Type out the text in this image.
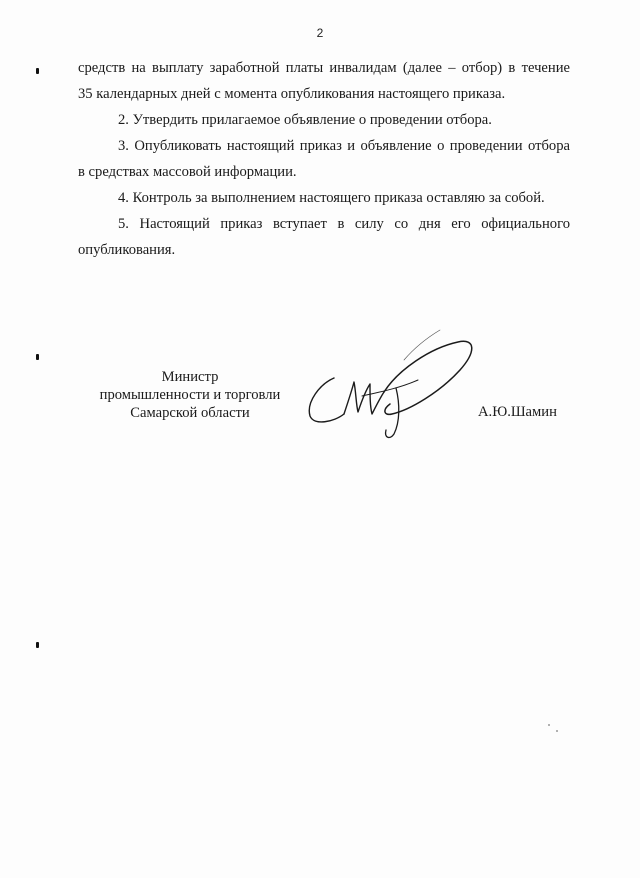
2

средств на выплату заработной платы инвалидам (далее – отбор) в течение
35 календарных дней с момента опубликования настоящего приказа.

2. Утвердить прилагаемое объявление о проведении отбора.

3. Опубликовать настоящий приказ и объявление о проведении отбора
в средствах массовой информации.

4. Контроль за выполнением настоящего приказа оставляю за собой.

5. Настоящий приказ вступает в силу со дня его официального
опубликования.

Министр
промышленности и торговли
Самарской области	А.Ю.Шамин
